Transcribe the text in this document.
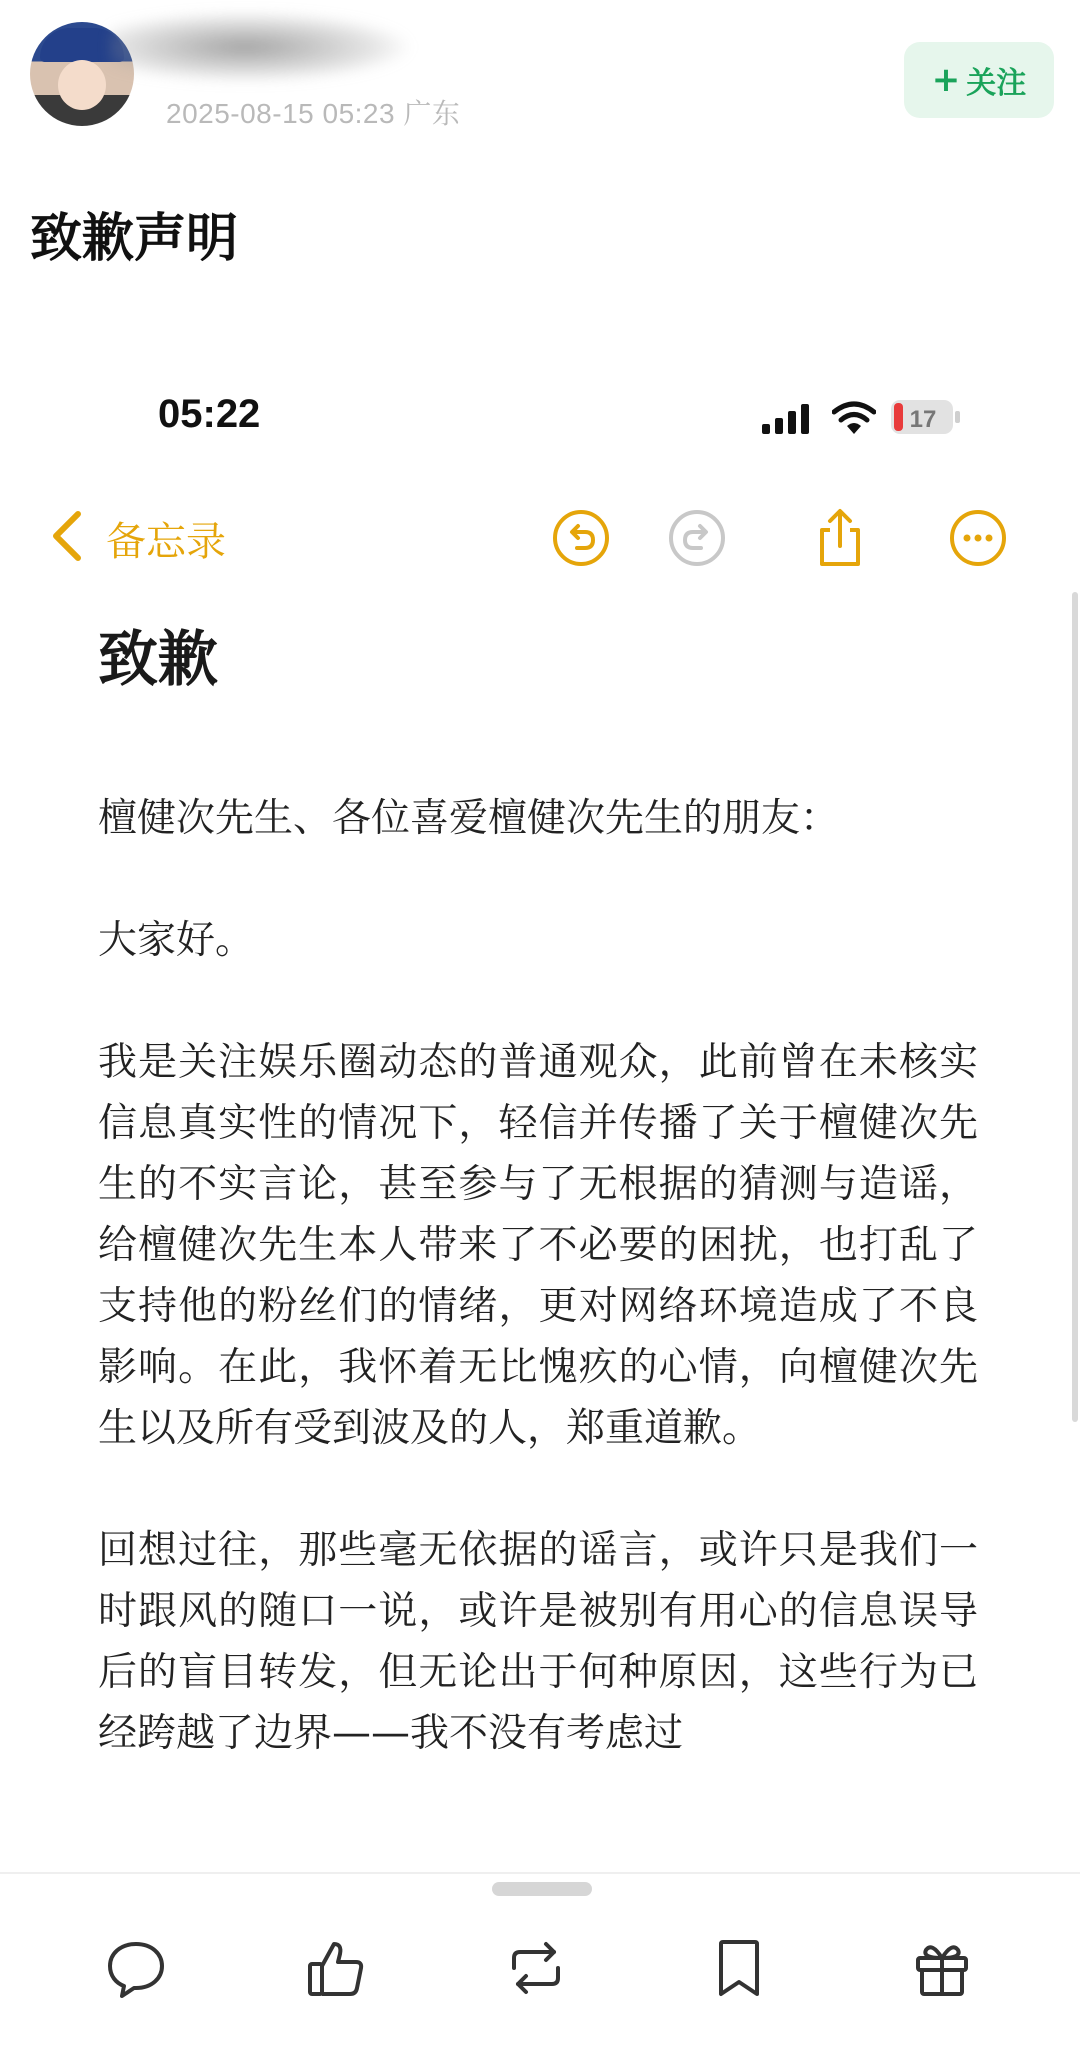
2025-08-15 05:23 广东
+ 关注
致歉声明
05:22	17
备忘录
致歉

檀健次先生、各位喜爱檀健次先生的朋友：

大家好。

我是关注娱乐圈动态的普通观众，此前曾在未核实信息真实性的情况下，轻信并传播了关于檀健次先生的不实言论，甚至参与了无根据的猜测与造谣，给檀健次先生本人带来了不必要的困扰，也打乱了支持他的粉丝们的情绪，更对网络环境造成了不良影响。在此，我怀着无比愧疚的心情，向檀健次先生以及所有受到波及的人，郑重道歉。

回想过往，那些毫无依据的谣言，或许只是我们一时跟风的随口一说，或许是被别有用心的信息误导后的盲目转发，但无论出于何种原因，这些行为已经跨越了边界——我不没有考虑过
